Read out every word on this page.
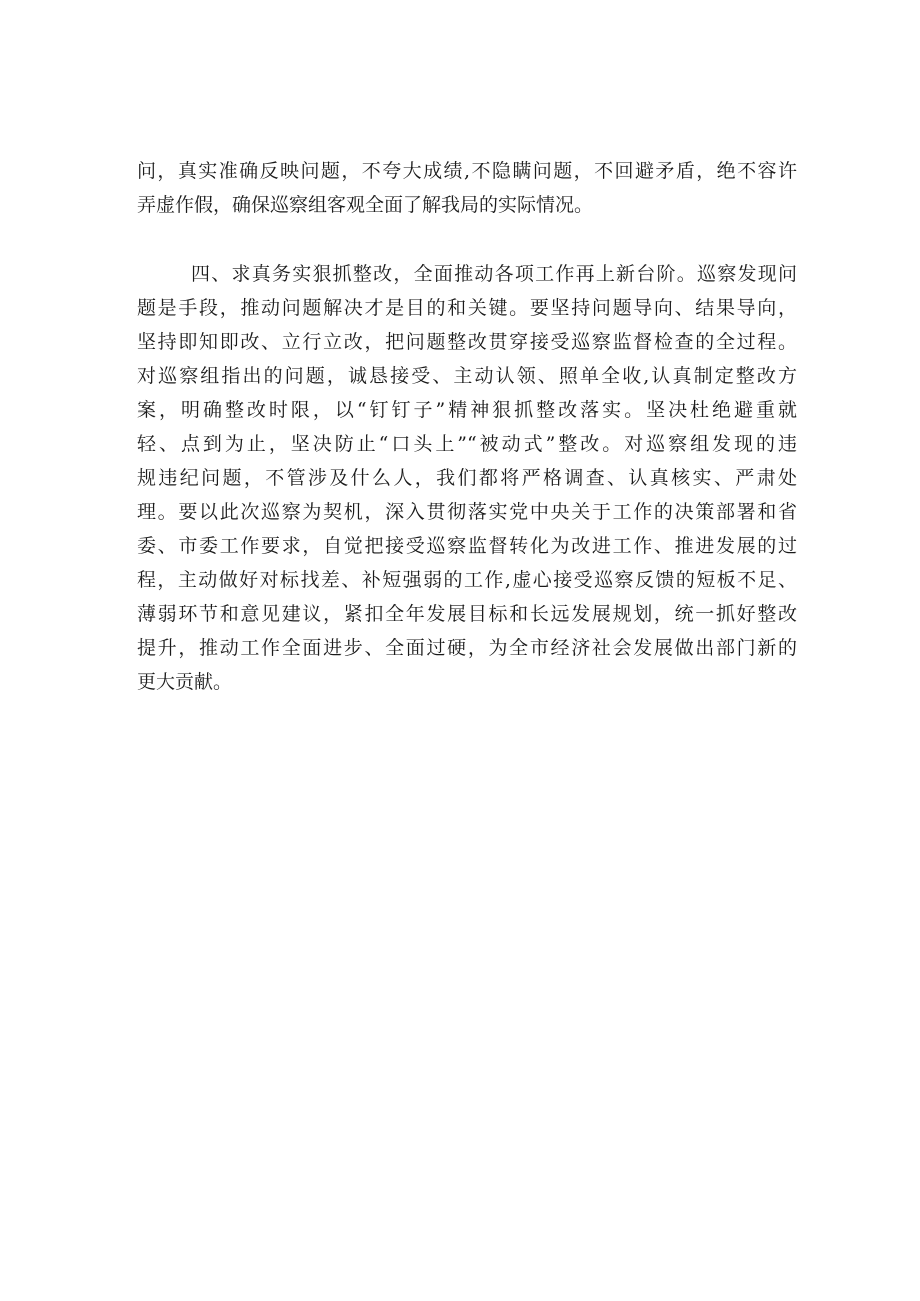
问，真实准确反映问题，不夸大成绩,不隐瞒问题，不回避矛盾，绝不容许
弄虚作假，确保巡察组客观全面了解我局的实际情况。
四、求真务实狠抓整改，全面推动各项工作再上新台阶。巡察发现问
题是手段，推动问题解决才是目的和关键。要坚持问题导向、结果导向，
坚持即知即改、立行立改，把问题整改贯穿接受巡察监督检查的全过程。
对巡察组指出的问题，诚恳接受、主动认领、照单全收,认真制定整改方
案，明确整改时限，以“钉钉子”精神狠抓整改落实。坚决杜绝避重就
轻、点到为止，坚决防止“口头上”“被动式”整改。对巡察组发现的违
规违纪问题，不管涉及什么人，我们都将严格调查、认真核实、严肃处
理。要以此次巡察为契机，深入贯彻落实党中央关于工作的决策部署和省
委、市委工作要求，自觉把接受巡察监督转化为改进工作、推进发展的过
程，主动做好对标找差、补短强弱的工作,虚心接受巡察反馈的短板不足、
薄弱环节和意见建议，紧扣全年发展目标和长远发展规划，统一抓好整改
提升，推动工作全面进步、全面过硬，为全市经济社会发展做出部门新的
更大贡献。
